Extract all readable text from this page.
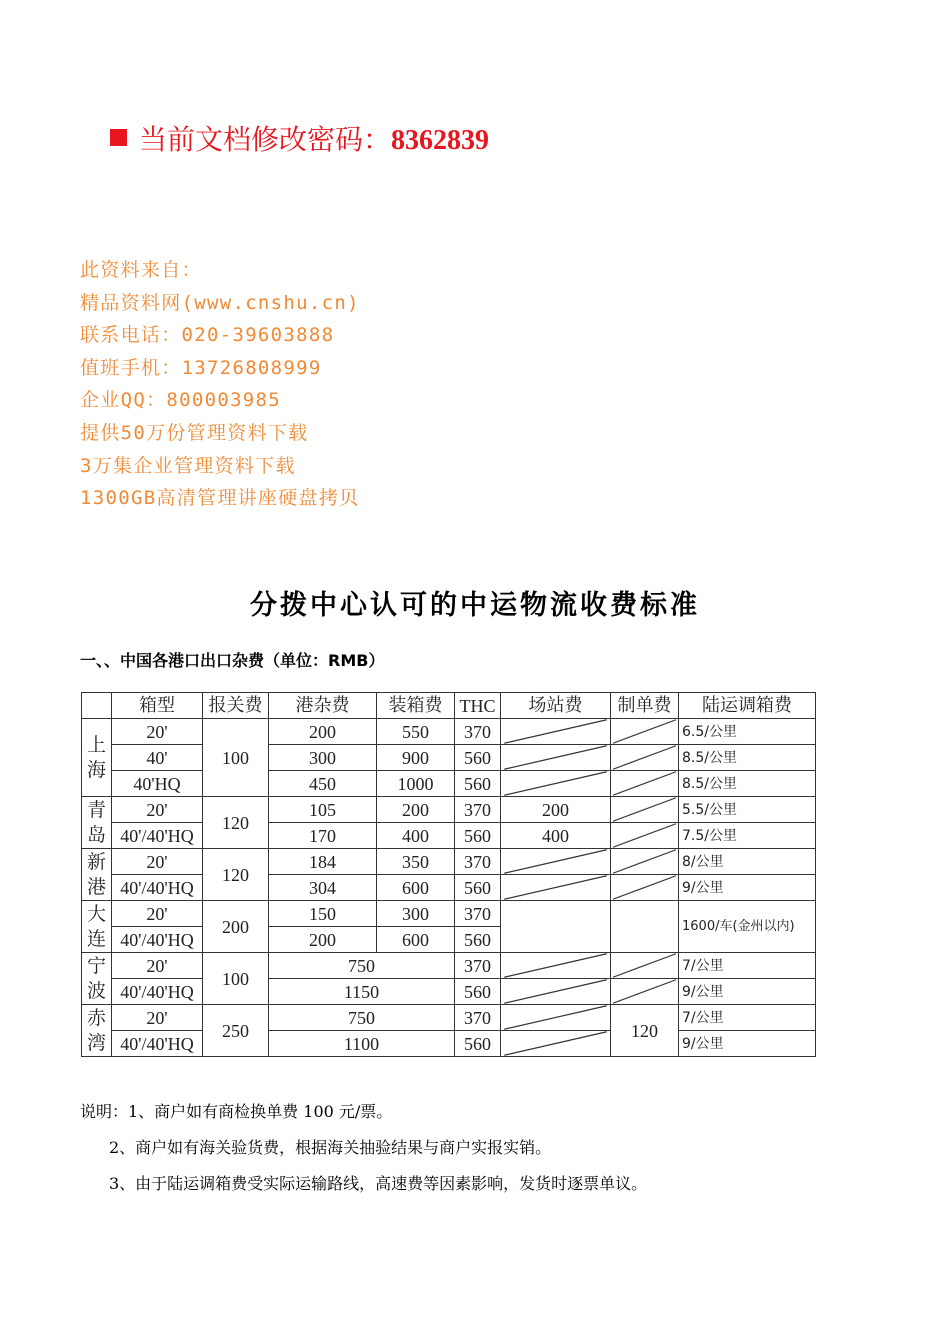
当前文档修改密码：8362839
此资料来自：
精品资料网(www.cnshu.cn)
联系电话：020-39603888
值班手机：13726808999
企业QQ：800003985
提供50万份管理资料下载
3万集企业管理资料下载
1300GB高清管理讲座硬盘拷贝
分拨中心认可的中运物流收费标准
一、、中国各港口出口杂费（单位：RMB）
	箱型	报关费	港杂费	装箱费	THC	场站费	制单费	陆运调箱费
上海	20'	100	200	550	370			6.5/公里
	40'		300	900	560			8.5/公里
	40'HQ		450	1000	560			8.5/公里
青岛	20'	120	105	200	370	200		5.5/公里
	40'/40'HQ		170	400	560	400		7.5/公里
新港	20'	120	184	350	370			8/公里
	40'/40'HQ		304	600	560			9/公里
大连	20'	200	150	300	370			1600/车(金州以内)
	40'/40'HQ		200	600	560			
宁波	20'	100	750		370			7/公里
	40'/40'HQ		1150		560			9/公里
赤湾	20'	250	750		370		120	7/公里
	40'/40'HQ		1100		560			9/公里
说明：1、商户如有商检换单费 100 元/票。
2、商户如有海关验货费，根据海关抽验结果与商户实报实销。
3、由于陆运调箱费受实际运输路线，高速费等因素影响，发货时逐票单议。
